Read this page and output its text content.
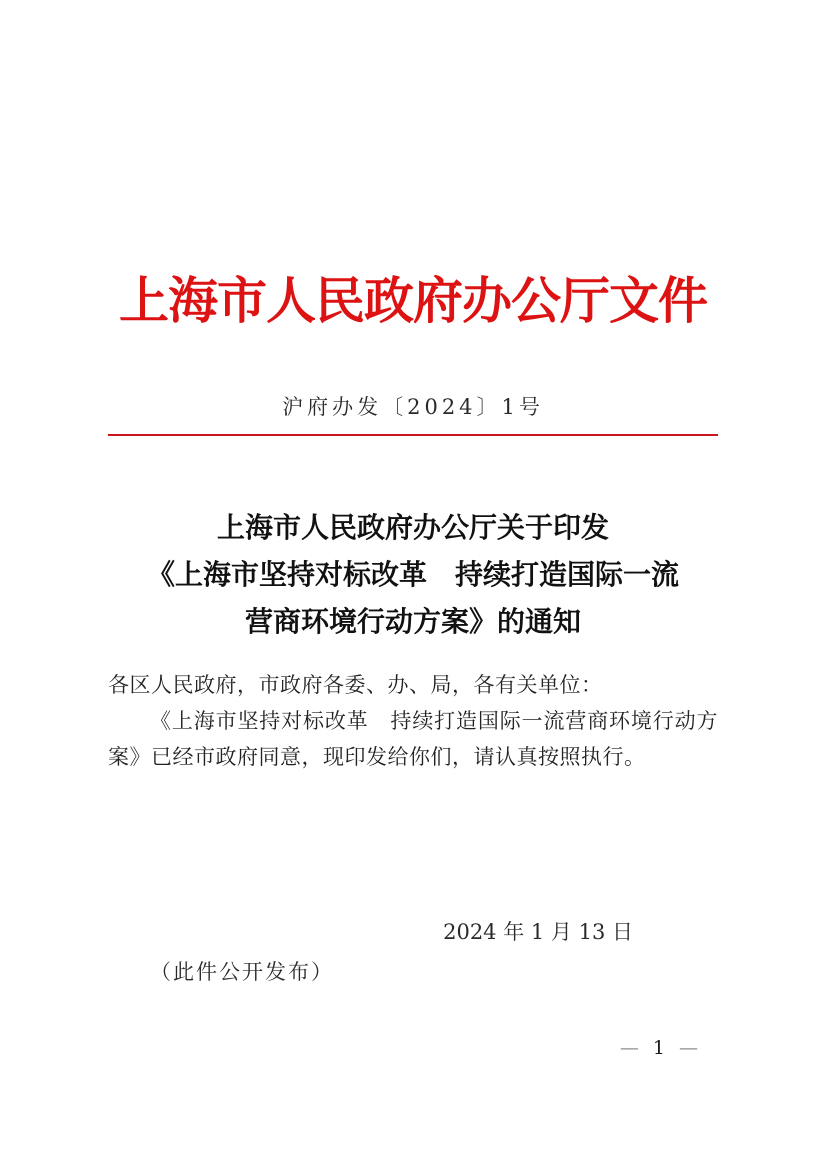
上海市人民政府办公厅文件
沪府办发〔2024〕1号
上海市人民政府办公厅关于印发
《上海市坚持对标改革　持续打造国际一流
营商环境行动方案》的通知

各区人民政府，市政府各委、办、局，各有关单位：

《上海市坚持对标改革　持续打造国际一流营商环境行动方案》已经市政府同意，现印发给你们，请认真按照执行。

2024 年 1 月 13 日
（此件公开发布）
— 1 —
